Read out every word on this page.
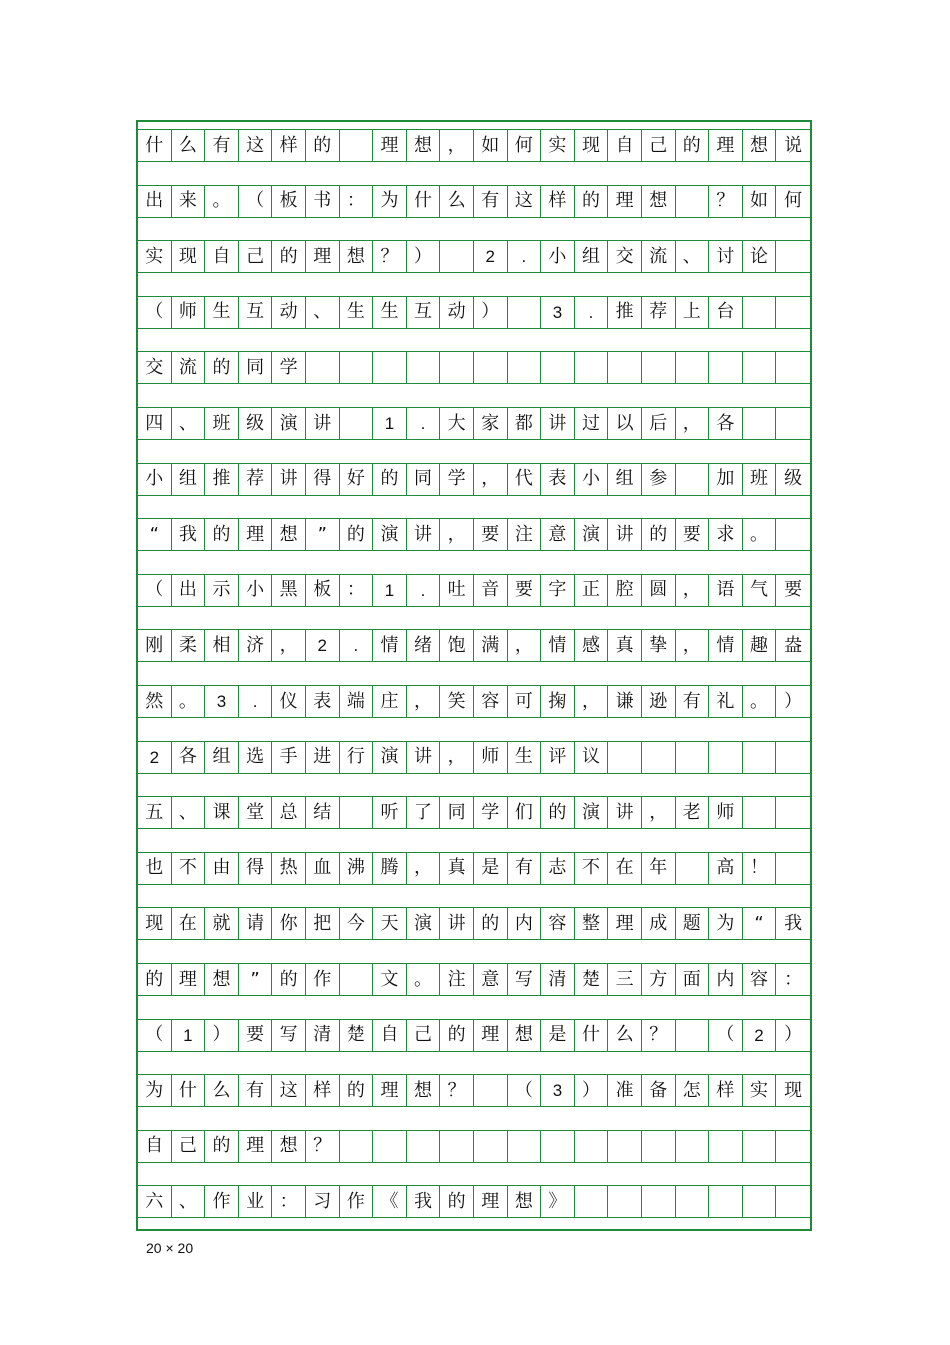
什 么 有 这 样 的	理 想 ， 如 何 实 现 自 己 的 理 想 说
出 来 。 （ 板 书 ： 为 什 么 有 这 样 的 理 想	？ 如 何
实 现 自 己 的 理 想 ？ ）	2	.	小 组 交 流 、 讨 论
（ 师 生 互 动 、 生 生 互 动 ）	3	.	推 荐 上 台
交 流 的 同 学
四 、 班 级 演 讲	1	.	大 家 都 讲 过 以 后 ， 各
小 组 推 荐 讲 得 好 的 同 学 ， 代 表 小 组 参	加 班 级
“	我 的 理 想	”	的 演 讲 ， 要 注 意 演 讲 的 要 求 。
（ 出 示 小 黑 板 ：	1	.	吐 音 要 字 正 腔 圆 ， 语 气 要
刚 柔 相 济 ，	2	.	情 绪 饱 满 ， 情 感 真 挚 ， 情 趣 盎
然 。	3	.	仪 表 端 庄 ， 笑 容 可 掬 ， 谦 逊 有 礼 。 ）
2	各 组 选 手 进 行 演 讲 ， 师 生 评 议
五 、 课 堂 总 结	听 了 同 学 们 的 演 讲 ， 老 师
也 不 由 得 热 血 沸 腾 ， 真 是 有 志 不 在 年	高 ！
现 在 就 请 你 把 今 天 演 讲 的 内 容 整 理 成 题 为	“	我
的 理 想	”	的 作	文 。 注 意 写 清 楚 三 方 面 内 容 ：
（	1	） 要 写 清 楚 自 己 的 理 想 是 什 么 ？	（	2	）
为 什 么 有 这 样 的 理 想 ？	（	3	） 准 备 怎 样 实 现
自 己 的 理 想 ？
六 、 作 业 ： 习 作 《 我 的 理 想 》
20 × 20
